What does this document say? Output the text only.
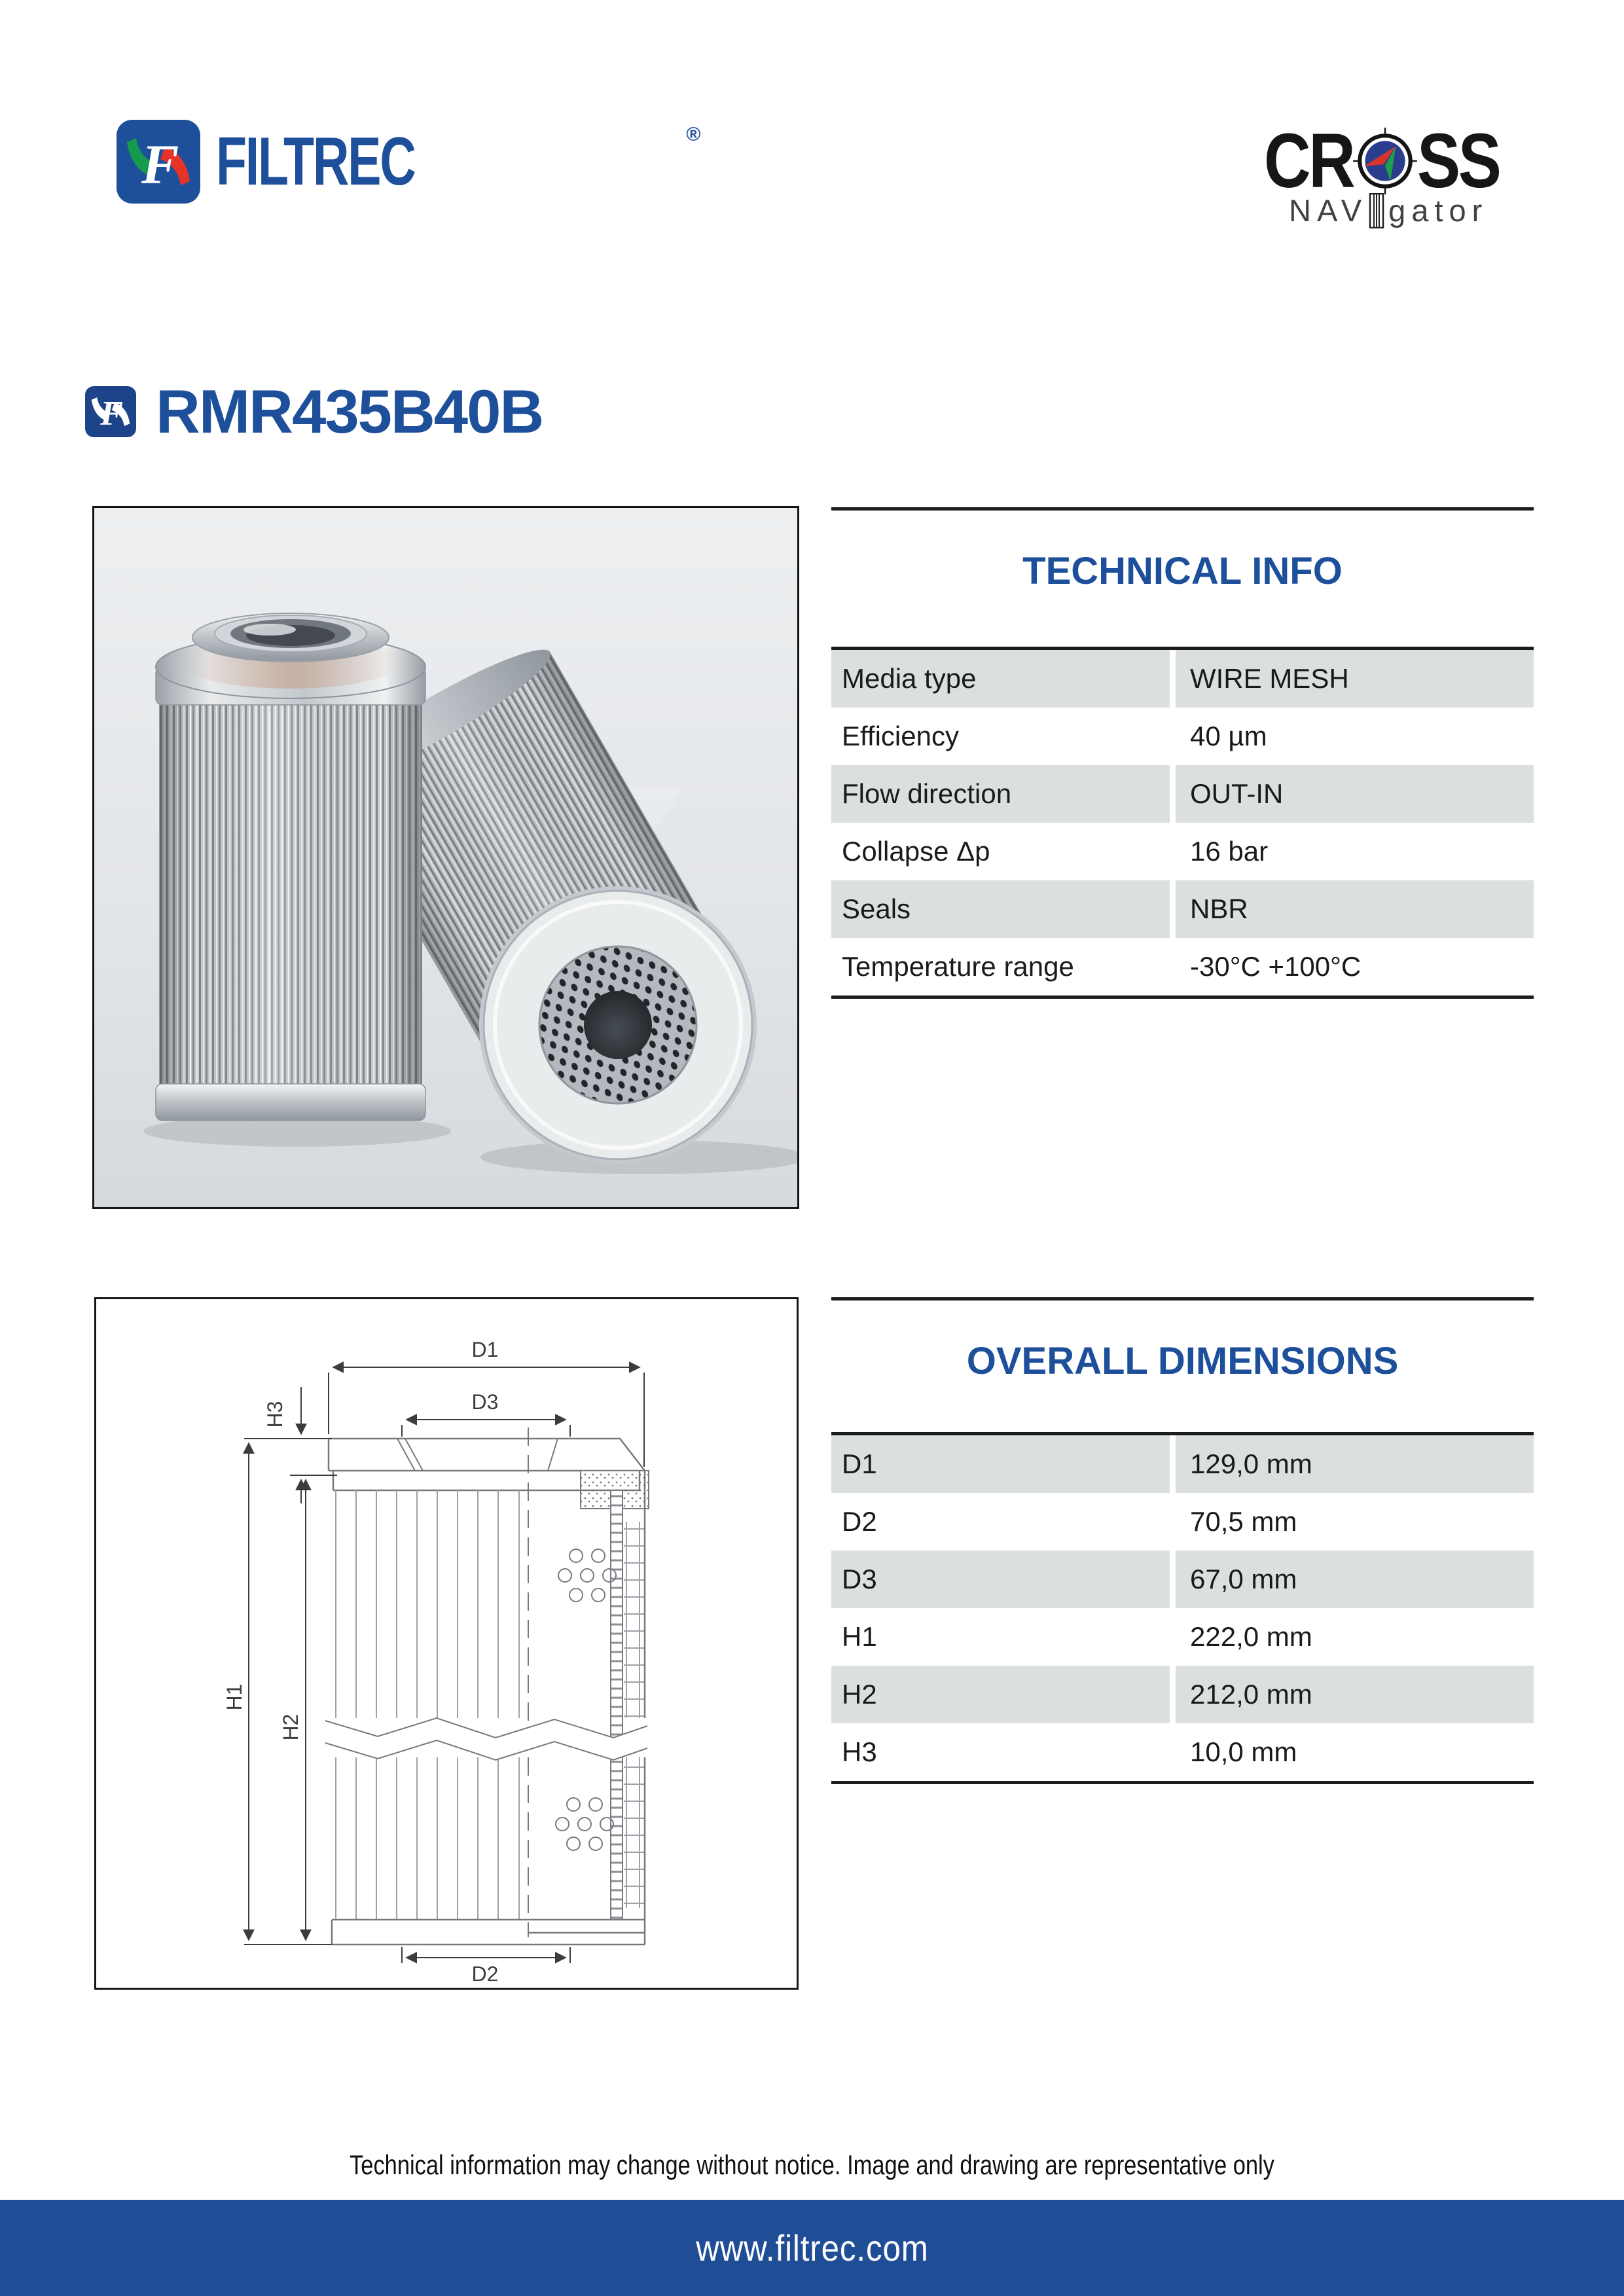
F FILTREC	®	CR SS
NAV gator
F RMR435B40B
TECHNICAL INFO
Media type	WIRE MESH
Efficiency	40 µm
Flow direction	OUT-IN
Collapse Δp	16 bar
Seals	NBR
Temperature range	-30°C +100°C
D1
D3
H3
H1
H2
D2
OVERALL DIMENSIONS
D1	129,0 mm
D2	70,5 mm
D3	67,0 mm
H1	222,0 mm
H2	212,0 mm
H3	10,0 mm
Technical information may change without notice. Image and drawing are representative only
www.filtrec.com
